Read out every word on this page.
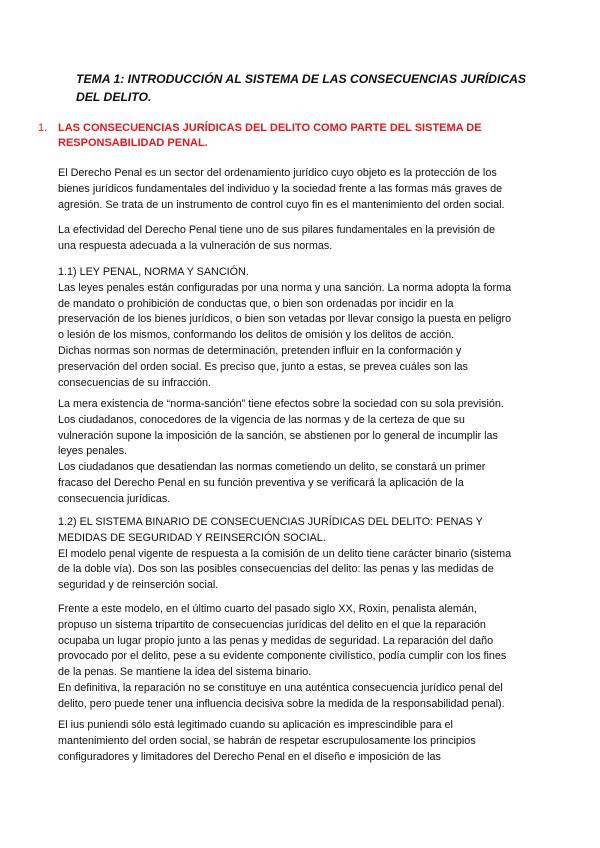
TEMA 1: INTRODUCCIÓN AL SISTEMA DE LAS CONSECUENCIAS JURÍDICAS DEL DELITO.
1. LAS CONSECUENCIAS JURÍDICAS DEL DELITO COMO PARTE DEL SISTEMA DE
RESPONSABILIDAD PENAL.

El Derecho Penal es un sector del ordenamiento jurídico cuyo objeto es la protección de los
bienes jurídicos fundamentales del individuo y la sociedad frente a las formas más graves de
agresión. Se trata de un instrumento de control cuyo fin es el mantenimiento del orden social.

La efectividad del Derecho Penal tiene uno de sus pilares fundamentales en la previsión de
una respuesta adecuada a la vulneración de sus normas.

1.1) LEY PENAL, NORMA Y SANCIÓN.
Las leyes penales están configuradas por una norma y una sanción. La norma adopta la forma
de mandato o prohibición de conductas que, o bien son ordenadas por incidir en la
preservación de los bienes jurídicos, o bien son vetadas por llevar consigo la puesta en peligro
o lesión de los mismos, conformando los delitos de omisión y los delitos de acción.
Dichas normas son normas de determinación, pretenden influir en la conformación y
preservación del orden social. Es preciso que, junto a estas, se prevea cuáles son las
consecuencias de su infracción.

La mera existencia de “norma-sanción” tiene efectos sobre la sociedad con su sola previsión.
Los ciudadanos, conocedores de la vigencia de las normas y de la certeza de que su
vulneración supone la imposición de la sanción, se abstienen por lo general de incumplir las
leyes penales.
Los ciudadanos que desatiendan las normas cometiendo un delito, se constará un primer
fracaso del Derecho Penal en su función preventiva y se verificará la aplicación de la
consecuencia jurídicas.

1.2) EL SISTEMA BINARIO DE CONSECUENCIAS JURÍDICAS DEL DELITO: PENAS Y
MEDIDAS DE SEGURIDAD Y REINSERCIÓN SOCIAL.
El modelo penal vigente de respuesta a la comisión de un delito tiene carácter binario (sistema
de la doble vía). Dos son las posibles consecuencias del delito: las penas y las medidas de
seguridad y de reinserción social.

Frente a este modelo, en el último cuarto del pasado siglo XX, Roxin, penalista alemán,
propuso un sistema tripartito de consecuencias jurídicas del delito en el que la reparación
ocupaba un lugar propio junto a las penas y medidas de seguridad. La reparación del daño
provocado por el delito, pese a su evidente componente civilístico, podía cumplir con los fines
de la penas. Se mantiene la idea del sistema binario.
En definitiva, la reparación no se constituye en una auténtica consecuencia jurídico penal del
delito, pero puede tener una influencia decisiva sobre la medida de la responsabilidad penal).

El ius puniendi sólo está legitimado cuando su aplicación es imprescindible para el
mantenimiento del orden social, se habrán de respetar escrupulosamente los principios
configuradores y limitadores del Derecho Penal en el diseño e imposición de las
